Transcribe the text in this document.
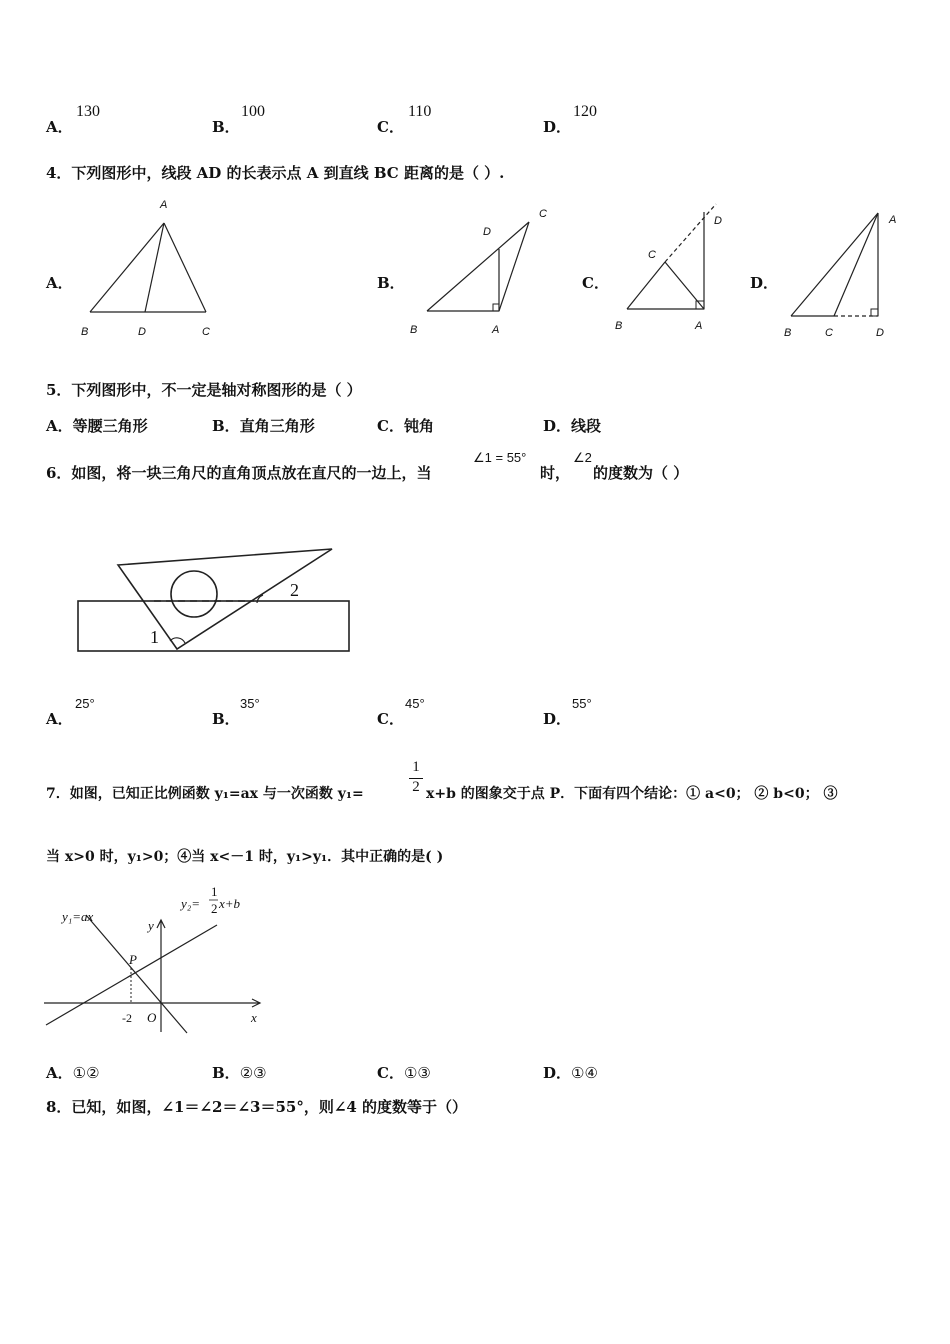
A．
130
B．
100
C．
110
D．
120
4．下列图形中，线段 AD 的长表示点 A 到直线 BC 距离的是（ ）.
A．
A
B	D	C
B．
C
D
B	A
C．
D
C
B	A
D．
A
B	C	D
5．下列图形中，不一定是轴对称图形的是（ ）
A．等腰三角形	B．直角三角形	C．钝角	D．线段
6．如图，将一块三角尺的直角顶点放在直尺的一边上，当
∠1 = 55°
时，
∠2
的度数为（ ）
1
2
A．
25°
B．
35°
C．
45°
D．
55°
7．如图，已知正比例函数 y₁=ax 与一次函数 y₁=	$\frac{1}{2} x+b$ 的图象交于点 P．下面有四个结论：① a<0； ② b<0； ③
当 x>0 时，y₁>0；④当 x<－1 时，y₁>y₁．其中正确的是( )
y₁=ax
y₂=
1
2 x+b
y
x
P
O
-2
A．①②	B．②③	C．①③	D．①④
8．已知，如图，∠1＝∠2＝∠3＝55°，则∠4 的度数等于（）
